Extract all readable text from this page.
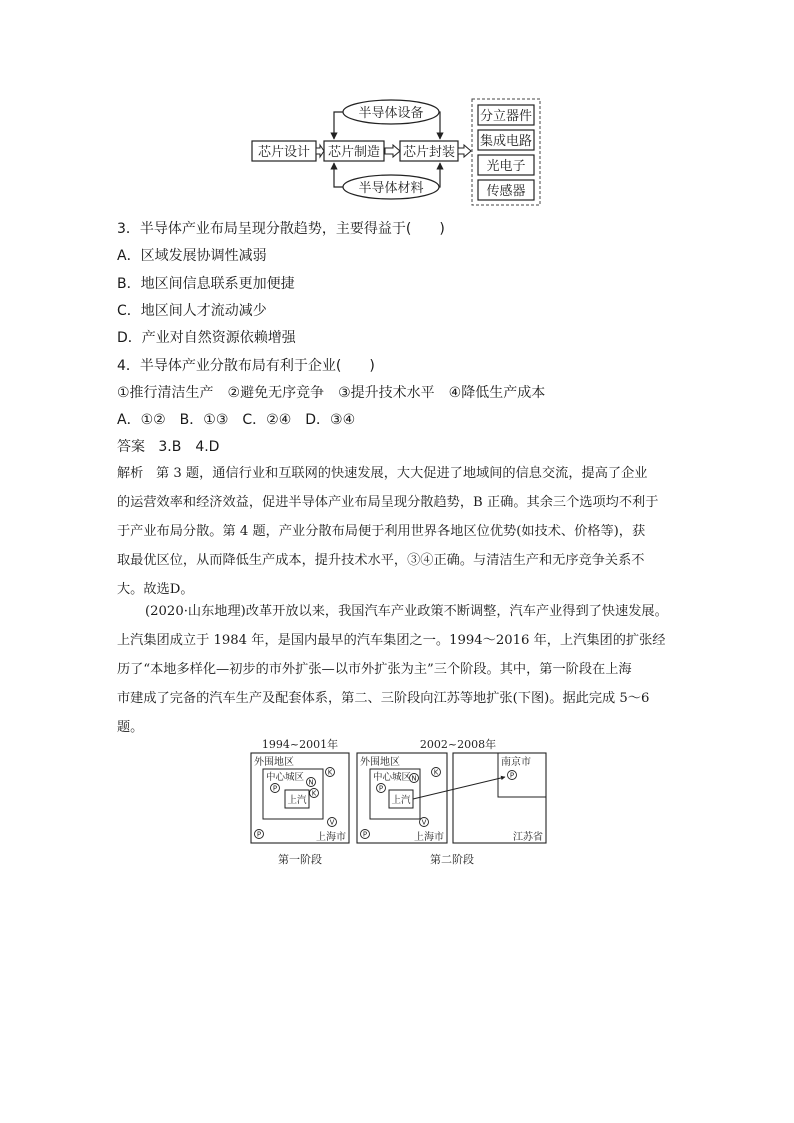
半导体设备
半导体材料
芯片设计 芯片制造 芯片封装
分立器件
集成电路
光电子
传感器
3．半导体产业布局呈现分散趋势，主要得益于(　　)
A．区域发展协调性减弱
B．地区间信息联系更加便捷
C．地区间人才流动减少
D．产业对自然资源依赖增强
4．半导体产业分散布局有利于企业(　　)
①推行清洁生产　②避免无序竞争　③提升技术水平　④降低生产成本
A．①②　B．①③　C．②④　D．③④
答案 3.B　4.D
解析 第 3 题，通信行业和互联网的快速发展，大大促进了地域间的信息交流，提高了企业
的运营效率和经济效益，促进半导体产业布局呈现分散趋势，B 正确。其余三个选项均不利于
于产业布局分散。第 4 题，产业分散布局便于利用世界各地区位优势(如技术、价格等)，获
取最优区位，从而降低生产成本，提升技术水平，③④正确。与清洁生产和无序竞争关系不
大。故选D。
(2020·山东地理)改革开放以来，我国汽车产业政策不断调整，汽车产业得到了快速发展。
上汽集团成立于 1984 年，是国内最早的汽车集团之一。1994～2016 年，上汽集团的扩张经
历了“本地多样化—初步的市外扩张—以市外扩张为主”三个阶段。其中，第一阶段在上海
市建成了完备的汽车生产及配套体系，第二、三阶段向江苏等地扩张(下图)。据此完成 5～6
题。
1994~2001年	2002~2008年
外围地区
中心城区
上汽
上海市
P
N
K
K
V
P
第一阶段
外围地区
中心城区
上汽
上海市
P
N
K
V
P
南京市
P
江苏省
第二阶段
